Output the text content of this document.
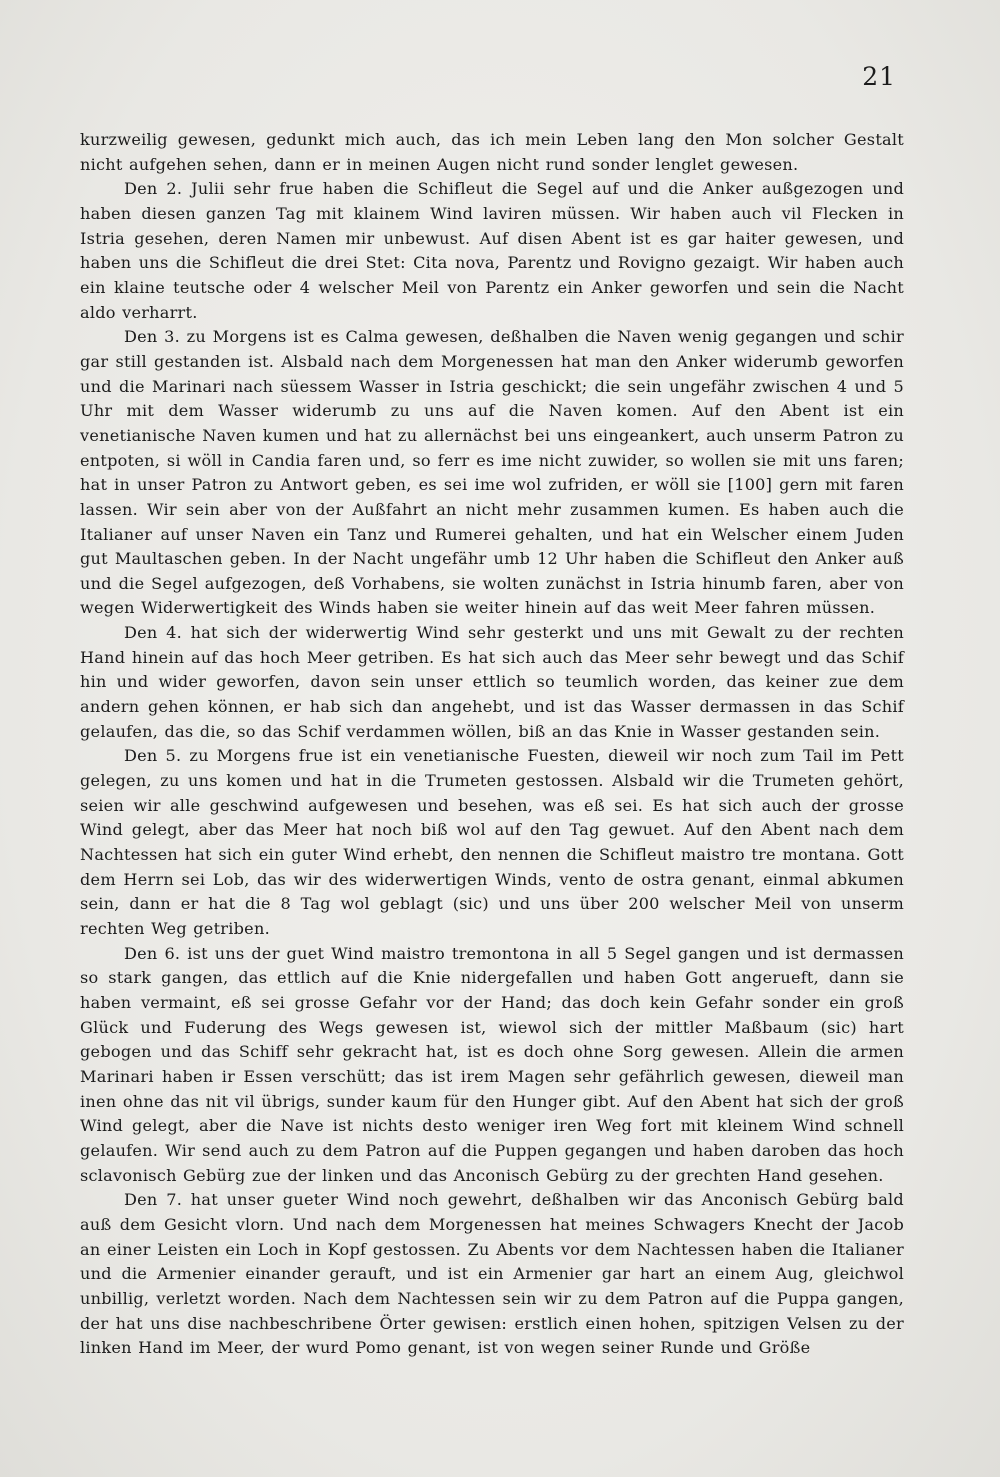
21

kurzweilig gewesen, gedunkt mich auch, das ich mein Leben lang den Mon solcher Gestalt nicht aufgehen sehen, dann er in meinen Augen nicht rund sonder lenglet gewesen.

Den 2. Julii sehr frue haben die Schifleut die Segel auf und die Anker außgezogen und haben diesen ganzen Tag mit klainem Wind laviren müssen. Wir haben auch vil Flecken in Istria gesehen, deren Namen mir unbewust. Auf disen Abent ist es gar haiter gewesen, und haben uns die Schifleut die drei Stet: Cita nova, Parentz und Rovigno gezaigt. Wir haben auch ein klaine teutsche oder 4 welscher Meil von Parentz ein Anker geworfen und sein die Nacht aldo verharrt.

Den 3. zu Morgens ist es Calma gewesen, deßhalben die Naven wenig gegangen und schir gar still gestanden ist. Alsbald nach dem Morgenessen hat man den Anker widerumb geworfen und die Marinari nach süessem Wasser in Istria geschickt; die sein ungefähr zwischen 4 und 5 Uhr mit dem Wasser widerumb zu uns auf die Naven komen. Auf den Abent ist ein venetianische Naven kumen und hat zu allernächst bei uns eingeankert, auch unserm Patron zu entpoten, si wöll in Candia faren und, so ferr es ime nicht zuwider, so wollen sie mit uns faren; hat in unser Patron zu Antwort geben, es sei ime wol zufriden, er wöll sie [100] gern mit faren lassen. Wir sein aber von der Außfahrt an nicht mehr zusammen kumen. Es haben auch die Italianer auf unser Naven ein Tanz und Rumerei gehalten, und hat ein Welscher einem Juden gut Maultaschen geben. In der Nacht ungefähr umb 12 Uhr haben die Schifleut den Anker auß und die Segel aufgezogen, deß Vorhabens, sie wolten zunächst in Istria hinumb faren, aber von wegen Widerwertigkeit des Winds haben sie weiter hinein auf das weit Meer fahren müssen.

Den 4. hat sich der widerwertig Wind sehr gesterkt und uns mit Gewalt zu der rechten Hand hinein auf das hoch Meer getriben. Es hat sich auch das Meer sehr bewegt und das Schif hin und wider geworfen, davon sein unser ettlich so teumlich worden, das keiner zue dem andern gehen können, er hab sich dan angehebt, und ist das Wasser dermassen in das Schif gelaufen, das die, so das Schif verdammen wöllen, biß an das Knie in Wasser gestanden sein.

Den 5. zu Morgens frue ist ein venetianische Fuesten, dieweil wir noch zum Tail im Pett gelegen, zu uns komen und hat in die Trumeten gestossen. Alsbald wir die Trumeten gehört, seien wir alle geschwind aufgewesen und besehen, was eß sei. Es hat sich auch der grosse Wind gelegt, aber das Meer hat noch biß wol auf den Tag gewuet. Auf den Abent nach dem Nachtessen hat sich ein guter Wind erhebt, den nennen die Schifleut maistro tre montana. Gott dem Herrn sei Lob, das wir des widerwertigen Winds, vento de ostra genant, einmal abkumen sein, dann er hat die 8 Tag wol geblagt (sic) und uns über 200 welscher Meil von unserm rechten Weg getriben.

Den 6. ist uns der guet Wind maistro tremontona in all 5 Segel gangen und ist dermassen so stark gangen, das ettlich auf die Knie nidergefallen und haben Gott angerueft, dann sie haben vermaint, eß sei grosse Gefahr vor der Hand; das doch kein Gefahr sonder ein groß Glück und Fuderung des Wegs gewesen ist, wiewol sich der mittler Maßbaum (sic) hart gebogen und das Schiff sehr gekracht hat, ist es doch ohne Sorg gewesen. Allein die armen Marinari haben ir Essen verschütt; das ist irem Magen sehr gefährlich gewesen, dieweil man inen ohne das nit vil übrigs, sunder kaum für den Hunger gibt. Auf den Abent hat sich der groß Wind gelegt, aber die Nave ist nichts desto weniger iren Weg fort mit kleinem Wind schnell gelaufen. Wir send auch zu dem Patron auf die Puppen gegangen und haben daroben das hoch sclavonisch Gebürg zue der linken und das Anconisch Gebürg zu der grechten Hand gesehen.

Den 7. hat unser gueter Wind noch gewehrt, deßhalben wir das Anconisch Gebürg bald auß dem Gesicht vlorn. Und nach dem Morgenessen hat meines Schwagers Knecht der Jacob an einer Leisten ein Loch in Kopf gestossen. Zu Abents vor dem Nachtessen haben die Italianer und die Armenier einander gerauft, und ist ein Armenier gar hart an einem Aug, gleichwol unbillig, verletzt worden. Nach dem Nachtessen sein wir zu dem Patron auf die Puppa gangen, der hat uns dise nachbeschribene Örter gewisen: erstlich einen hohen, spitzigen Velsen zu der linken Hand im Meer, der wurd Pomo genant, ist von wegen seiner Runde und Größe
